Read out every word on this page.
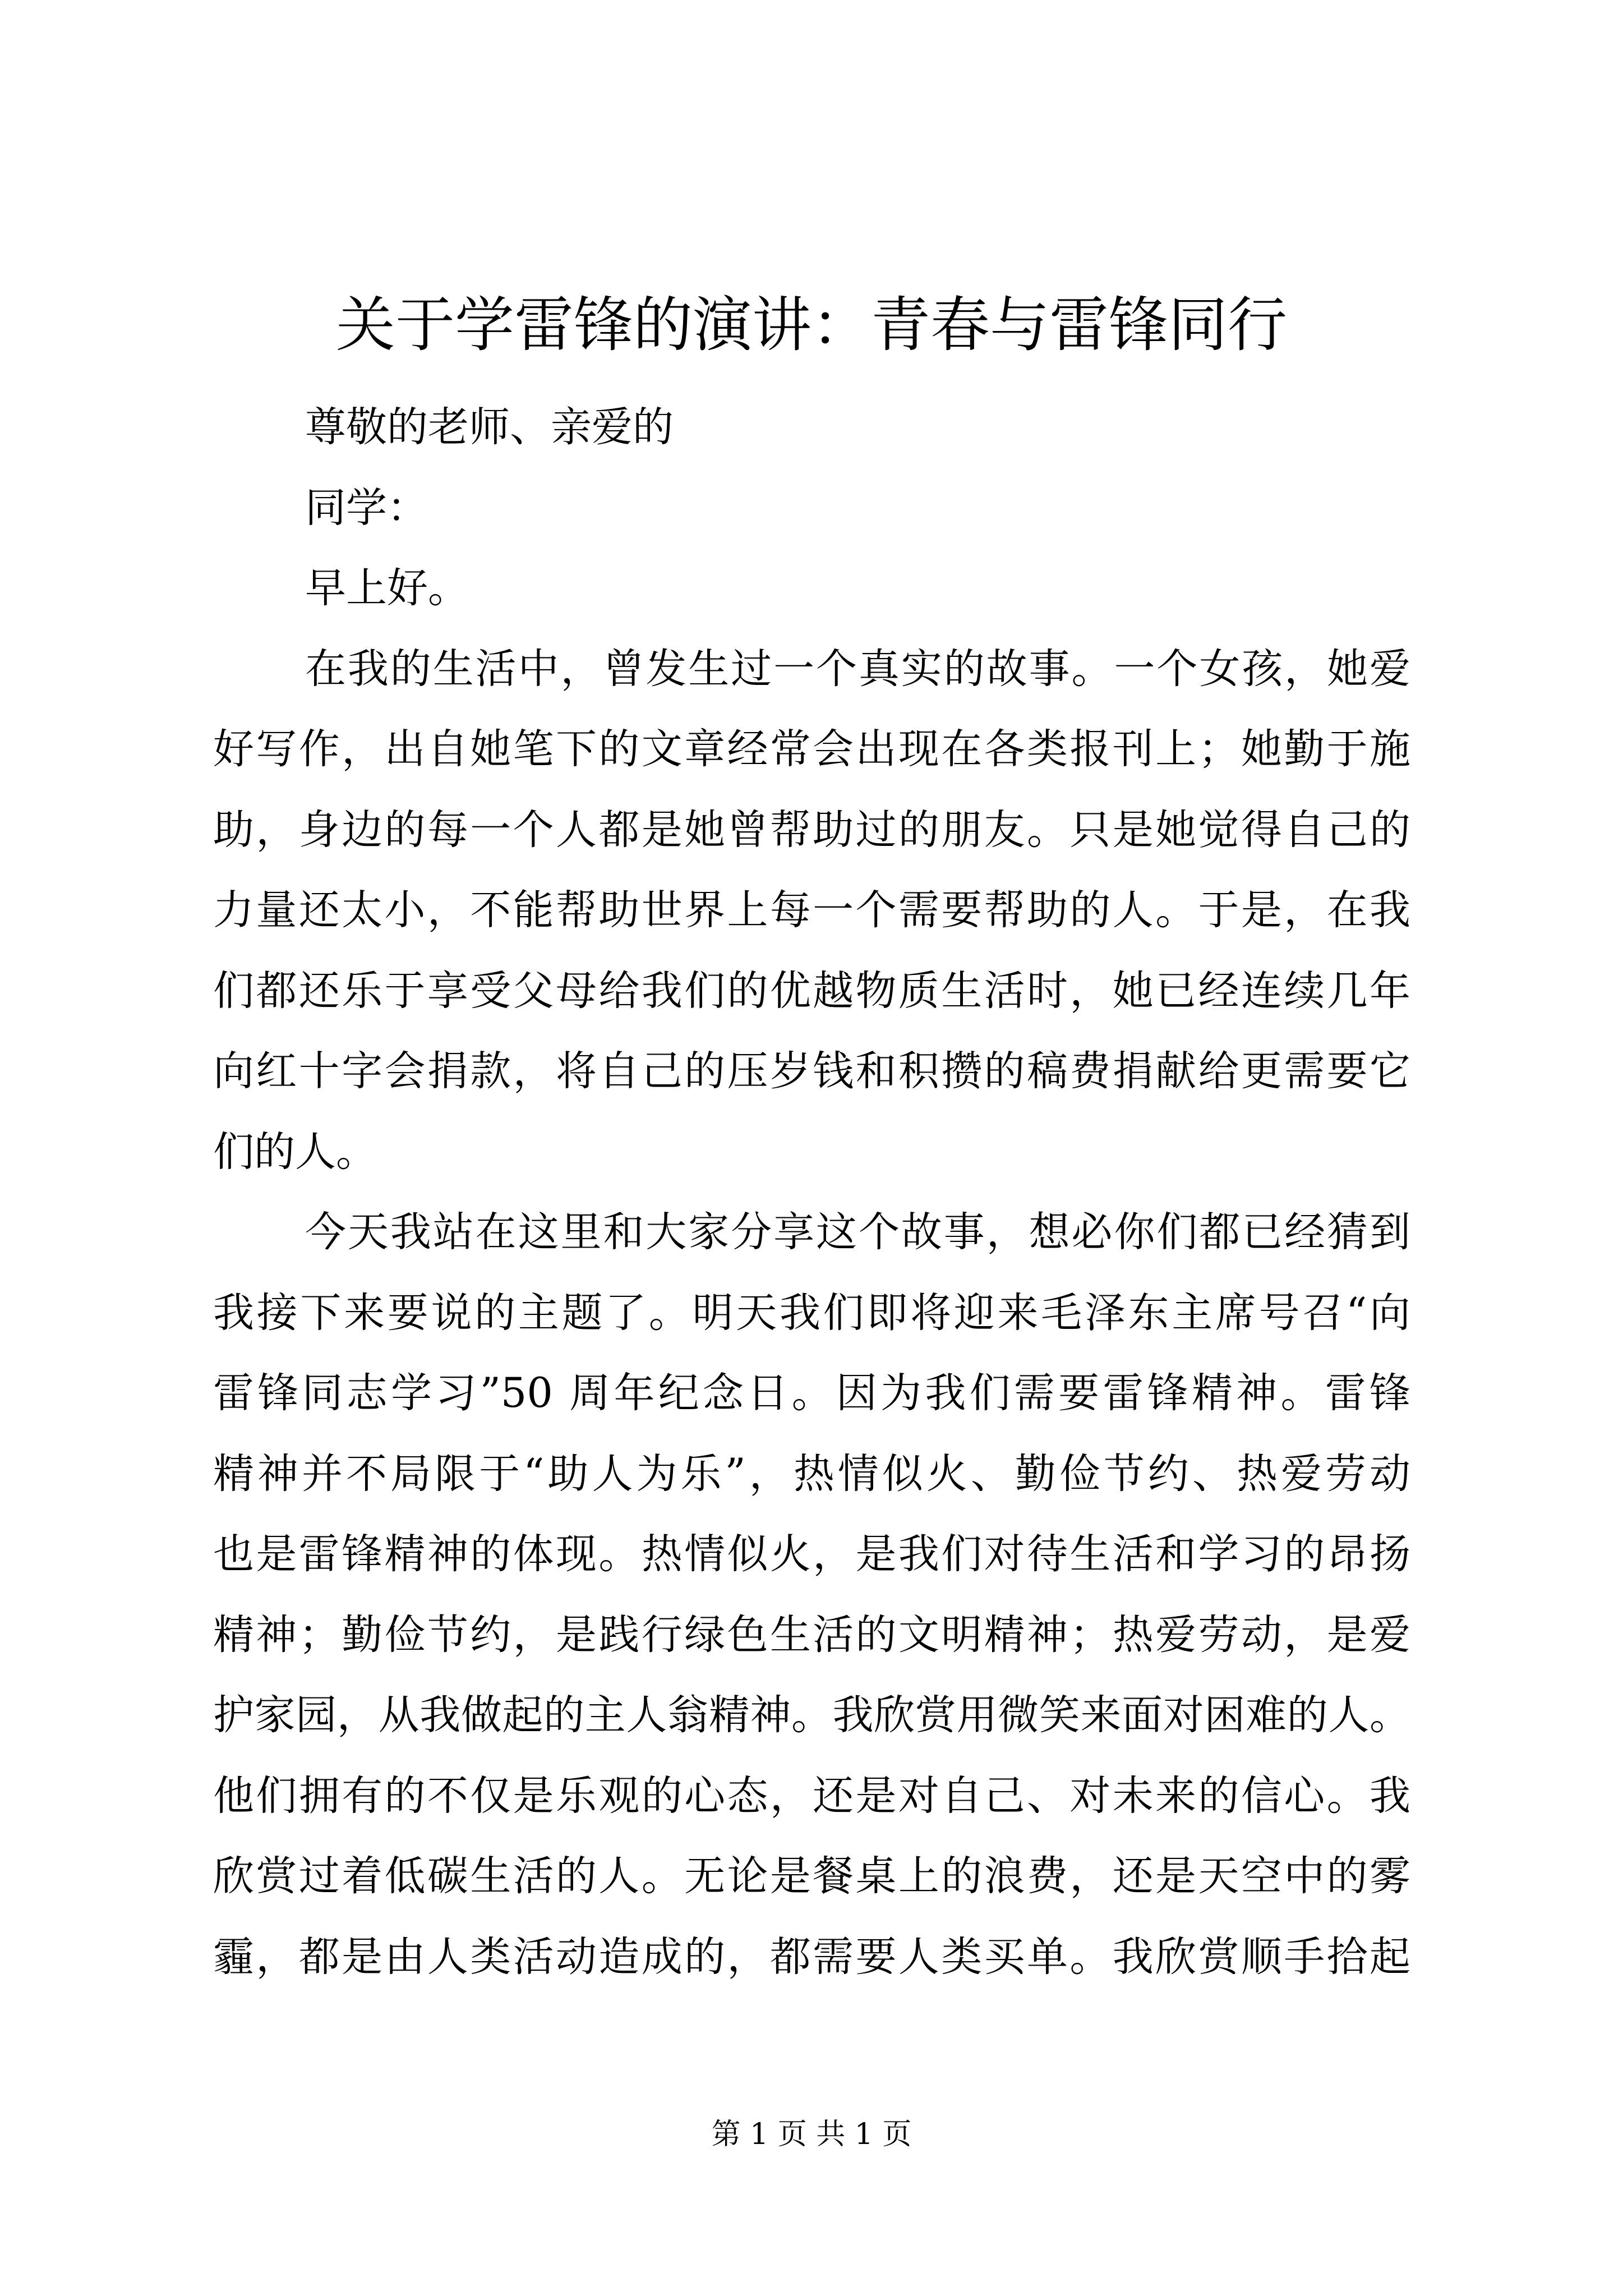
关于学雷锋的演讲：青春与雷锋同行
尊敬的老师、亲爱的
同学：
早上好。
在我的生活中，曾发生过一个真实的故事。一个女孩，她爱
好写作，出自她笔下的文章经常会出现在各类报刊上；她勤于施
助，身边的每一个人都是她曾帮助过的朋友。只是她觉得自己的
力量还太小，不能帮助世界上每一个需要帮助的人。于是，在我
们都还乐于享受父母给我们的优越物质生活时，她已经连续几年
向红十字会捐款，将自己的压岁钱和积攒的稿费捐献给更需要它
们的人。
今天我站在这里和大家分享这个故事，想必你们都已经猜到
我接下来要说的主题了。明天我们即将迎来毛泽东主席号召“向
雷锋同志学习”50 周年纪念日。因为我们需要雷锋精神。雷锋
精神并不局限于“助人为乐”，热情似火、勤俭节约、热爱劳动
也是雷锋精神的体现。热情似火，是我们对待生活和学习的昂扬
精神；勤俭节约，是践行绿色生活的文明精神；热爱劳动，是爱
护家园，从我做起的主人翁精神。我欣赏用微笑来面对困难的人。
他们拥有的不仅是乐观的心态，还是对自己、对未来的信心。我
欣赏过着低碳生活的人。无论是餐桌上的浪费，还是天空中的雾
霾，都是由人类活动造成的，都需要人类买单。我欣赏顺手拾起
第 1 页 共 1 页
